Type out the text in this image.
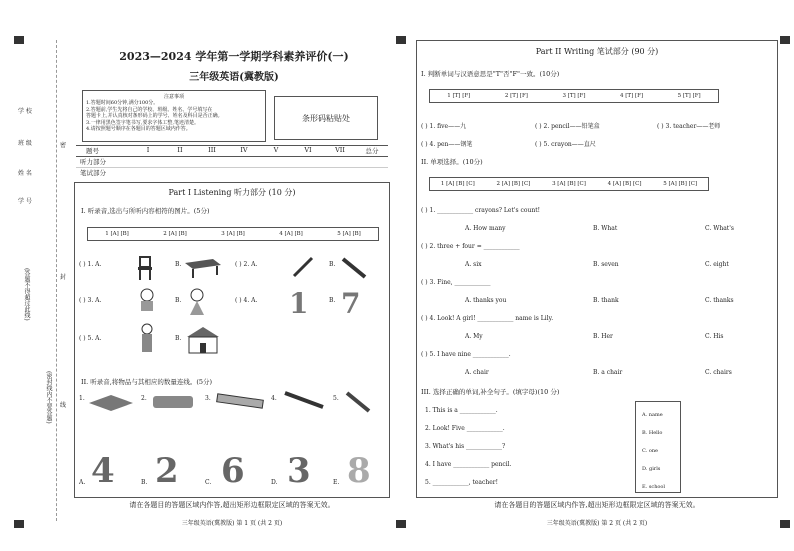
学 校
班 级
姓 名
学 号
(答题不得超过此线)
(密封线内不要答题)
密
封
线
2023—2024 学年第一学期学科素养评价(一)
三年级英语(冀教版)
注意事项
1.答题时间60分钟,满分100分。
2.答题前,学生先将自己的学校、班级、姓名、学号填写在
答题卡上,并认真核对条形码上的学号、姓名及科目是否正确。
3.一律用黑色签字笔书写,要求字体工整,笔迹清楚。
4.请按照题号顺序在各题目的答题区域内作答。
条形码粘贴处
题号	I	II	III	IV	V	VI	VII	总分
听力部分
笔试部分
Part I Listening 听力部分 (10 分)
I. 听录音,选出与所听内容相符的图片。(5分)
1 [A] [B]	2 [A] [B]	3 [A] [B]	4 [A] [B]	5 [A] [B]
( ) 1. A.	B.	( ) 2. A.	B.
( ) 3. A.	B.	( ) 4. A. 1	B. 7
( ) 5. A.	B.
II. 听录音,将物品与其相应的数量连线。(5分)
1.	2.	3.	4.	5.
A. 4	B. 2	C. 6	D. 3	E. 8
请在各题目的答题区域内作答,超出矩形边框限定区域的答案无效。
三年级英语(冀教版) 第 1 页 (共 2 页)
Part II Writing 笔试部分 (90 分)
I. 判断单词与汉语意思是"T"否"F"一致。(10分)
1 [T] [F]	2 [T] [F]	3 [T] [F]	4 [T] [F]	5 [T] [F]
( ) 1. five——九	( ) 2. pencil——铅笔盒	( ) 3. teacher——老师
( ) 4. pen——钢笔	( ) 5. crayon——直尺
II. 单项选择。(10分)
1 [A] [B] [C]	2 [A] [B] [C]	3 [A] [B] [C]	4 [A] [B] [C]	5 [A] [B] [C]
( ) 1. ____________ crayons? Let's count!
A. How many	B. What	C. What's
( ) 2. three + four = ____________
A. six	B. seven	C. eight
( ) 3. Fine, ____________
A. thanks you	B. thank	C. thanks
( ) 4. Look! A girl! ____________ name is Lily.
A. My	B. Her	C. His
( ) 5. I have nine ____________.
A. chair	B. a chair	C. chairs
III. 选择正确的单词,补全句子。(填字母)(10 分)
1. This is a ____________.
2. Look! Five ____________.
3. What's his ____________?
4. I have ____________ pencil.
5. ____________, teacher!
A. name
B. Hello
C. one
D. girls
E. school
请在各题目的答题区域内作答,超出矩形边框限定区域的答案无效。
三年级英语(冀教版) 第 2 页 (共 2 页)
